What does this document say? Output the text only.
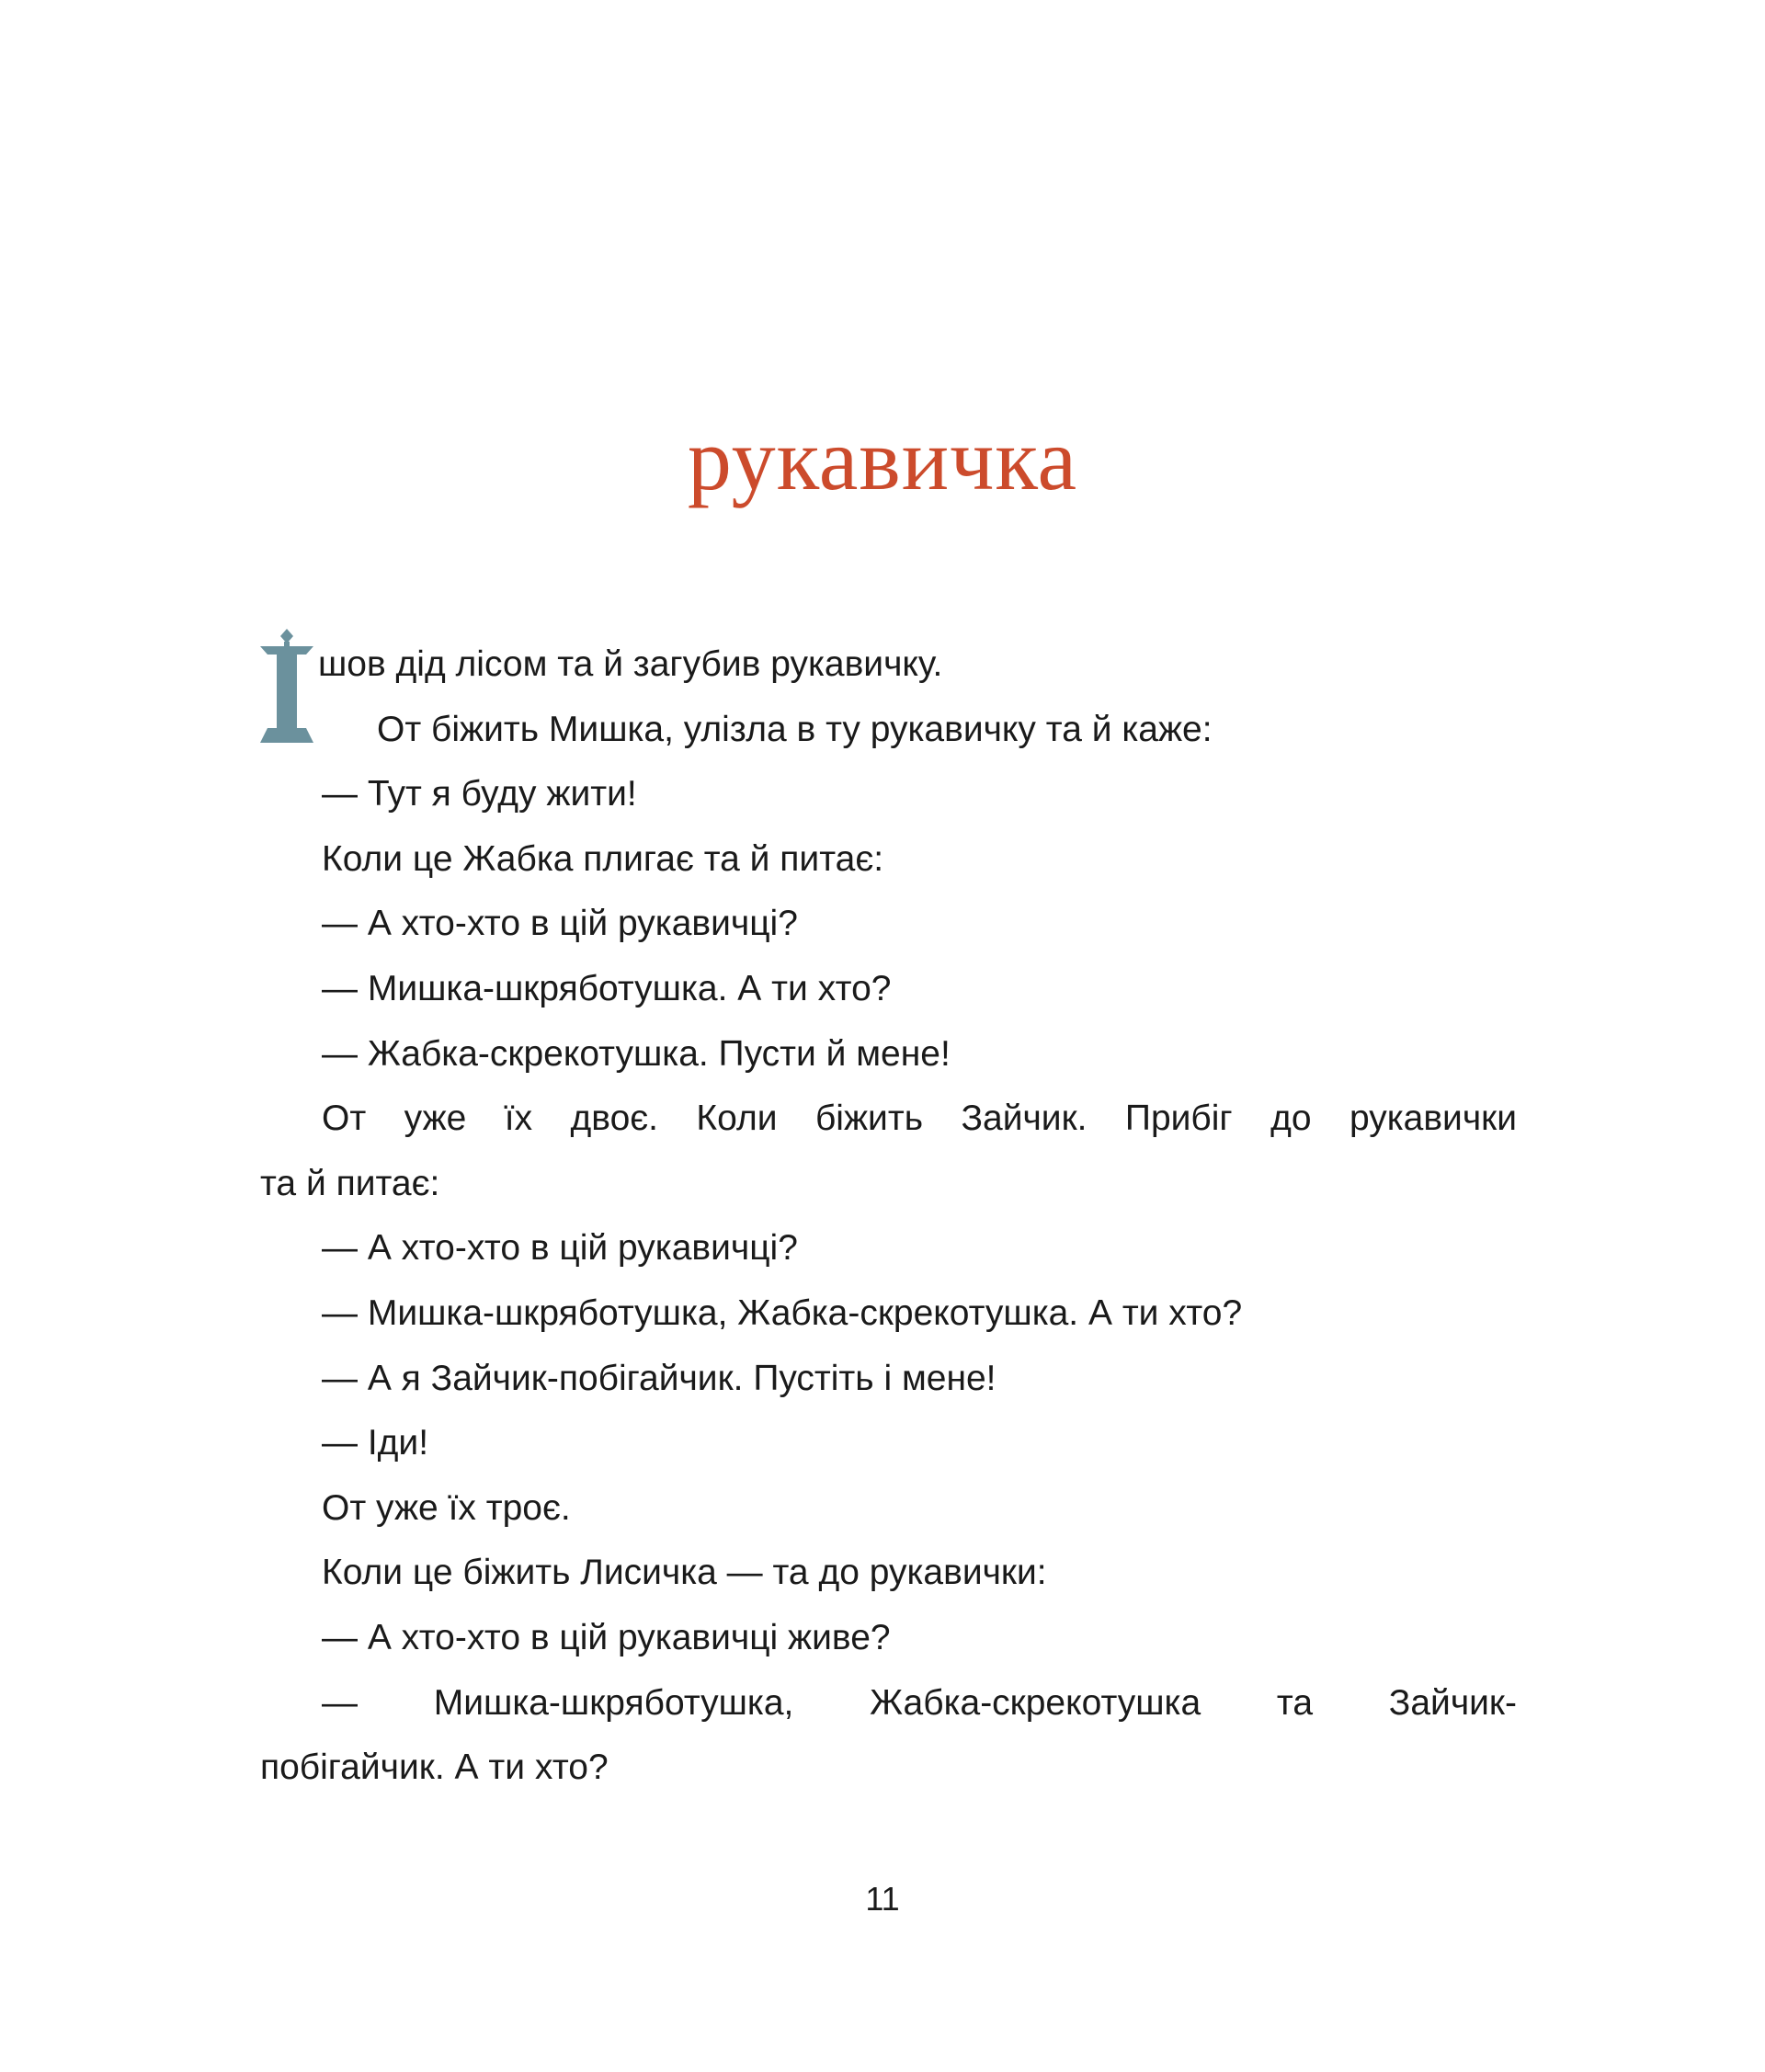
рукавичка
шов дід лісом та й загубив рукавичку.
От біжить Мишка, улізла в ту рукавичку та й каже:
— Тут я буду жити!
Коли це Жабка плигає та й питає:
— А хто-хто в цій рукавичці?
— Мишка-шкряботушка. А ти хто?
— Жабка-скрекотушка. Пусти й мене!
От уже їх двоє. Коли біжить Зайчик. Прибіг до рукавички
та й питає:
— А хто-хто в цій рукавичці?
— Мишка-шкряботушка, Жабка-скрекотушка. А ти хто?
— А я Зайчик-побігайчик. Пустіть і мене!
— Іди!
От уже їх троє.
Коли це біжить Лисичка — та до рукавички:
— А хто-хто в цій рукавичці живе?
— Мишка-шкряботушка, Жабка-скрекотушка та Зайчик-
побігайчик. А ти хто?
11
